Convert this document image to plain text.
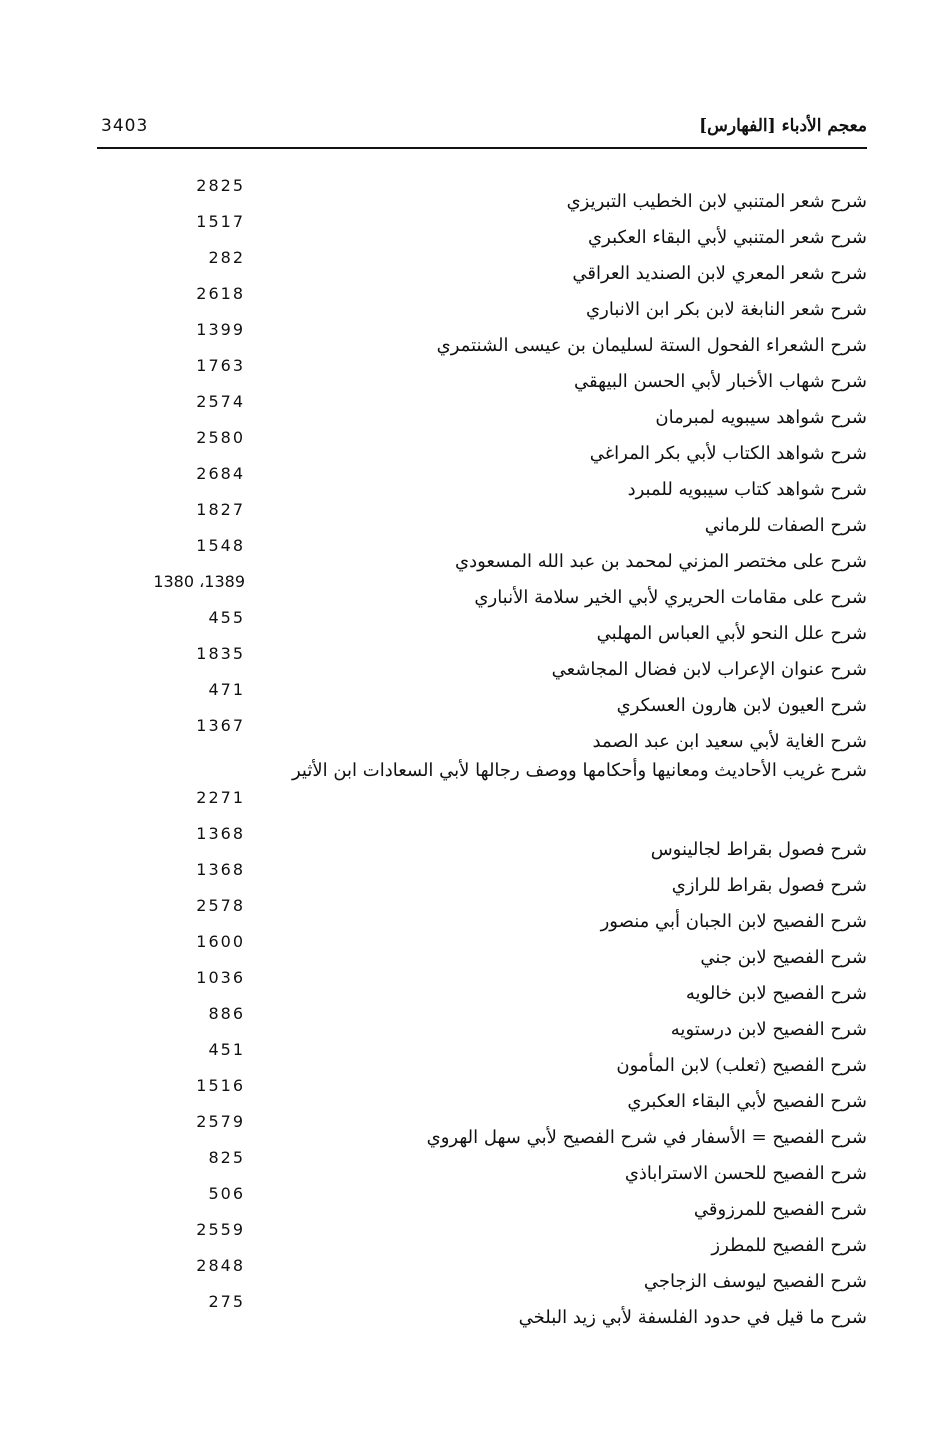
3403	معجم الأدباء [الفهارس]
شرح شعر المتنبي لابن الخطيب التبريزي
2825
شرح شعر المتنبي لأبي البقاء العكبري
1517
شرح شعر المعري لابن الصنديد العراقي
282
شرح شعر النابغة لابن بكر ابن الانباري
2618
شرح الشعراء الفحول الستة لسليمان بن عيسى الشنتمري
1399
شرح شهاب الأخبار لأبي الحسن البيهقي
1763
شرح شواهد سيبويه لمبرمان
2574
شرح شواهد الكتاب لأبي بكر المراغي
2580
شرح شواهد كتاب سيبويه للمبرد
2684
شرح الصفات للرماني
1827
شرح على مختصر المزني لمحمد بن عبد الله المسعودي
1548
شرح على مقامات الحريري لأبي الخير سلامة الأنباري
1380 ،1389
شرح علل النحو لأبي العباس المهلبي
455
شرح عنوان الإعراب لابن فضال المجاشعي
1835
شرح العيون لابن هارون العسكري
471
شرح الغاية لأبي سعيد ابن عبد الصمد
1367
شرح غريب الأحاديث ومعانيها وأحكامها ووصف رجالها لأبي السعادات ابن الأثير
2271
شرح فصول بقراط لجالينوس
1368
شرح فصول بقراط للرازي
1368
شرح الفصيح لابن الجبان أبي منصور
2578
شرح الفصيح لابن جني
1600
شرح الفصيح لابن خالويه
1036
شرح الفصيح لابن درستويه
886
شرح الفصيح (ثعلب) لابن المأمون
451
شرح الفصيح لأبي البقاء العكبري
1516
شرح الفصيح = الأسفار في شرح الفصيح لأبي سهل الهروي
2579
شرح الفصيح للحسن الاستراباذي
825
شرح الفصيح للمرزوقي
506
شرح الفصيح للمطرز
2559
شرح الفصيح ليوسف الزجاجي
2848
شرح ما قيل في حدود الفلسفة لأبي زيد البلخي
275
